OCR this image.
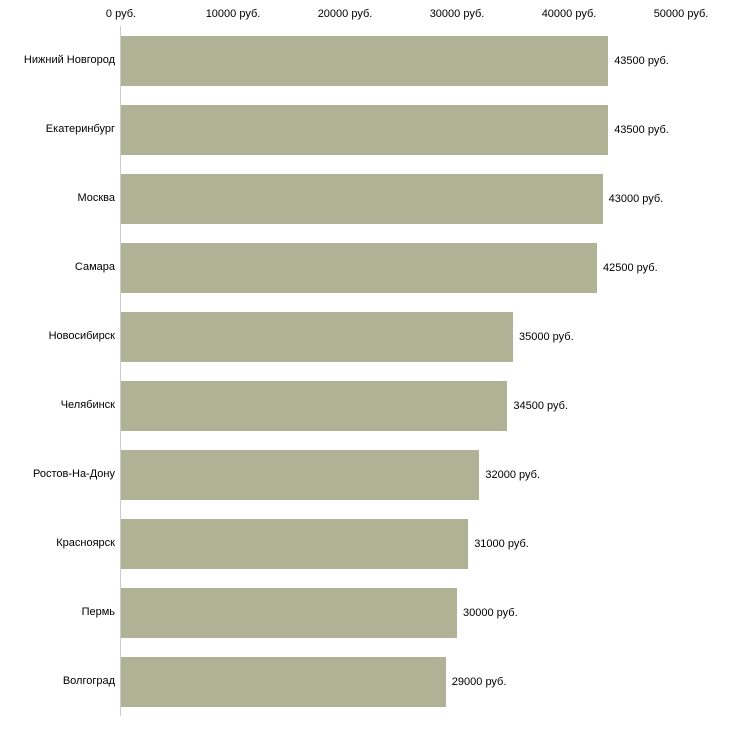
0 руб.	10000 руб.	20000 руб.	30000 руб.	40000 руб.	50000 руб.
Нижний Новгород
Екатеринбург
Москва
Самара
Новосибирск
Челябинск
Ростов-На-Дону
Красноярск
Пермь
Волгоград
43500 руб.
43500 руб.
43000 руб.
42500 руб.
35000 руб.
34500 руб.
32000 руб.
31000 руб.
30000 руб.
29000 руб.
